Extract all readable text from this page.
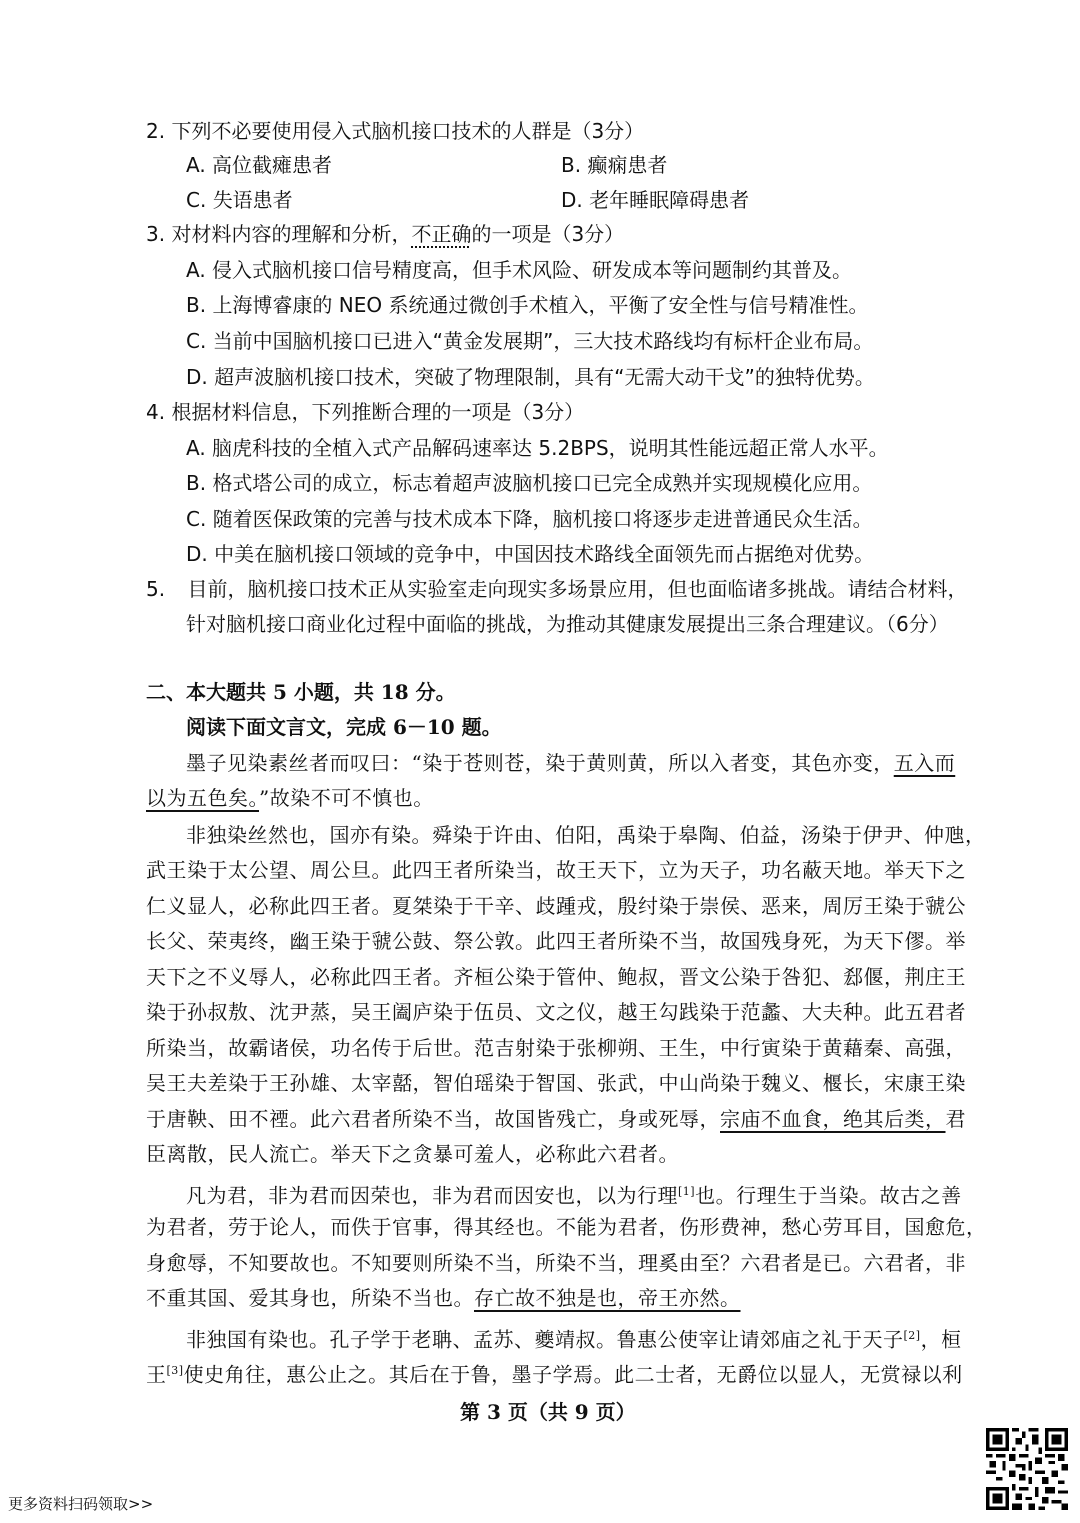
2. 下列不必要使用侵入式脑机接口技术的人群是（3分）
A. 高位截瘫患者	B. 癫痫患者
C. 失语患者	D. 老年睡眠障碍患者
3. 对材料内容的理解和分析，不正确的一项是（3分）
A. 侵入式脑机接口信号精度高，但手术风险、研发成本等问题制约其普及。
B. 上海博睿康的 NEO 系统通过微创手术植入，平衡了安全性与信号精准性。
C. 当前中国脑机接口已进入“黄金发展期”，三大技术路线均有标杆企业布局。
D. 超声波脑机接口技术，突破了物理限制，具有“无需大动干戈”的独特优势。
4. 根据材料信息，下列推断合理的一项是（3分）
A. 脑虎科技的全植入式产品解码速率达 5.2BPS，说明其性能远超正常人水平。
B. 格式塔公司的成立，标志着超声波脑机接口已完全成熟并实现规模化应用。
C. 随着医保政策的完善与技术成本下降，脑机接口将逐步走进普通民众生活。
D. 中美在脑机接口领域的竞争中，中国因技术路线全面领先而占据绝对优势。
5. 目前，脑机接口技术正从实验室走向现实多场景应用，但也面临诸多挑战。请结合材料，
针对脑机接口商业化过程中面临的挑战，为推动其健康发展提出三条合理建议。（6分）
二、本大题共 5 小题，共 18 分。
阅读下面文言文，完成 6－10 题。
墨子见染素丝者而叹曰：“染于苍则苍，染于黄则黄，所以入者变，其色亦变，五入而
以为五色矣。”故染不可不慎也。
非独染丝然也，国亦有染。舜染于许由、伯阳，禹染于皋陶、伯益，汤染于伊尹、仲虺，
武王染于太公望、周公旦。此四王者所染当，故王天下，立为天子，功名蔽天地。举天下之
仁义显人，必称此四王者。夏桀染于干辛、歧踵戎，殷纣染于崇侯、恶来，周厉王染于虢公
长父、荣夷终，幽王染于虢公鼓、祭公敦。此四王者所染不当，故国残身死，为天下僇。举
天下之不义辱人，必称此四王者。齐桓公染于管仲、鲍叔，晋文公染于咎犯、郄偃，荆庄王
染于孙叔敖、沈尹蒸，吴王阖庐染于伍员、文之仪，越王勾践染于范蠡、大夫种。此五君者
所染当，故霸诸侯，功名传于后世。范吉射染于张柳朔、王生，中行寅染于黄藉秦、高强，
吴王夫差染于王孙雄、太宰嚭，智伯瑶染于智国、张武，中山尚染于魏义、椻长，宋康王染
于唐鞅、田不禋。此六君者所染不当，故国皆残亡，身或死辱，宗庙不血食，绝其后类，君
臣离散，民人流亡。举天下之贪暴可羞人，必称此六君者。
凡为君，非为君而因荣也，非为君而因安也，以为行理[1]也。行理生于当染。故古之善
为君者，劳于论人，而佚于官事，得其经也。不能为君者，伤形费神，愁心劳耳目，国愈危，
身愈辱，不知要故也。不知要则所染不当，所染不当，理奚由至？六君者是已。六君者，非
不重其国、爱其身也，所染不当也。存亡故不独是也，帝王亦然。
非独国有染也。孔子学于老聃、孟苏、夔靖叔。鲁惠公使宰让请郊庙之礼于天子[2]，桓
王[3]使史角往，惠公止之。其后在于鲁，墨子学焉。此二士者，无爵位以显人，无赏禄以利
第 3 页（共 9 页）
更多资料扫码领取>>
